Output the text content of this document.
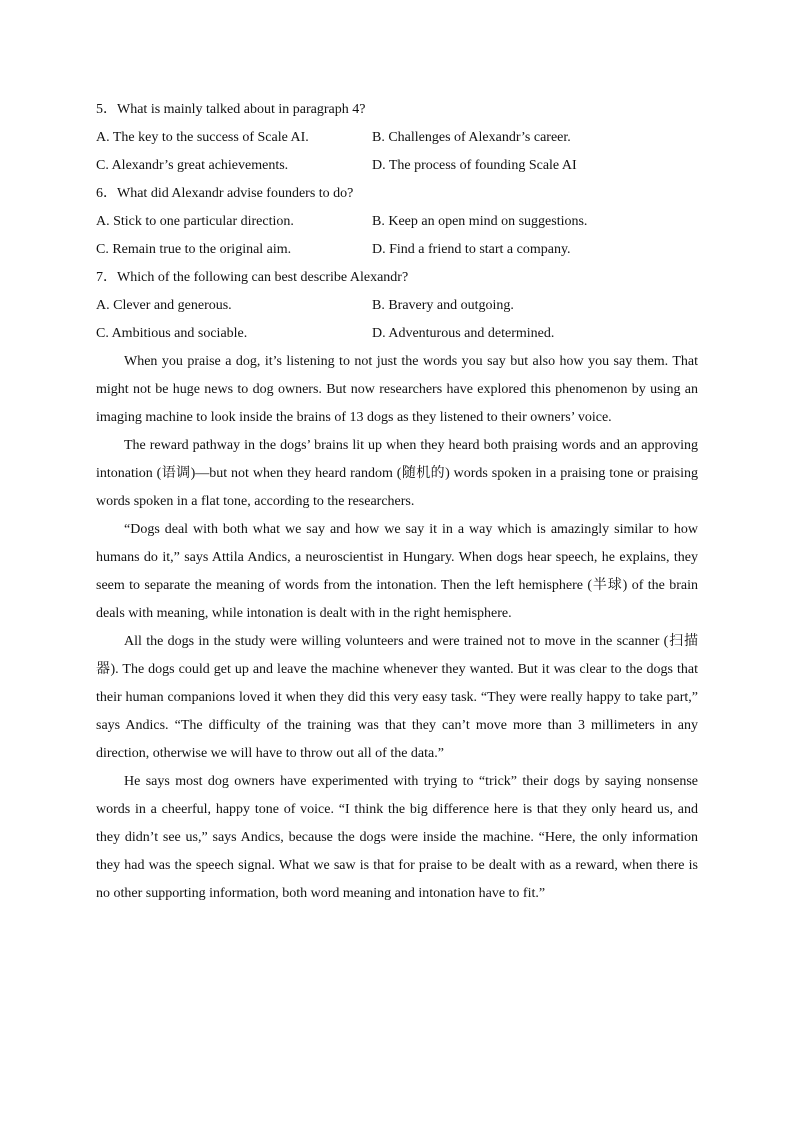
5．What is mainly talked about in paragraph 4?

A. The key to the success of Scale AI.	B. Challenges of Alexandr’s career.
C. Alexandr’s great achievements.	D. The process of founding Scale AI

6．What did Alexandr advise founders to do?

A. Stick to one particular direction.	B. Keep an open mind on suggestions.
C. Remain true to the original aim.	D. Find a friend to start a company.

7．Which of the following can best describe Alexandr?

A. Clever and generous.	B. Bravery and outgoing.
C. Ambitious and sociable.	D. Adventurous and determined.

When you praise a dog, it’s listening to not just the words you say but also how you say them. That might not be huge news to dog owners. But now researchers have explored this phenomenon by using an imaging machine to look inside the brains of 13 dogs as they listened to their owners’ voice.

The reward pathway in the dogs’ brains lit up when they heard both praising words and an approving intonation (语调)—but not when they heard random (随机的) words spoken in a praising tone or praising words spoken in a flat tone, according to the researchers.

“Dogs deal with both what we say and how we say it in a way which is amazingly similar to how humans do it,” says Attila Andics, a neuroscientist in Hungary. When dogs hear speech, he explains, they seem to separate the meaning of words from the intonation. Then the left hemisphere (半球) of the brain deals with meaning, while intonation is dealt with in the right hemisphere.

All the dogs in the study were willing volunteers and were trained not to move in the scanner (扫描器). The dogs could get up and leave the machine whenever they wanted. But it was clear to the dogs that their human companions loved it when they did this very easy task. “They were really happy to take part,” says Andics. “The difficulty of the training was that they can’t move more than 3 millimeters in any direction, otherwise we will have to throw out all of the data.”

He says most dog owners have experimented with trying to “trick” their dogs by saying nonsense words in a cheerful, happy tone of voice. “I think the big difference here is that they only heard us, and they didn’t see us,” says Andics, because the dogs were inside the machine. “Here, the only information they had was the speech signal. What we saw is that for praise to be dealt with as a reward, when there is no other supporting information, both word meaning and intonation have to fit.”
